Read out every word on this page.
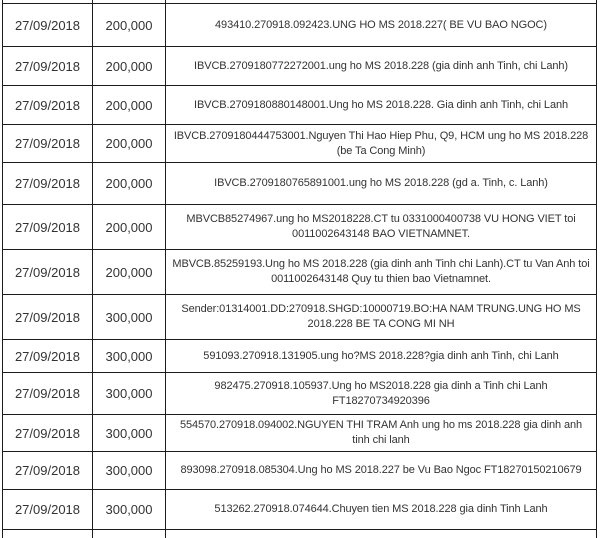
27/09/2018	200,000	493410.270918.092423.UNG HO MS 2018.227( BE VU BAO NGOC)
27/09/2018	200,000	IBVCB.2709180772272001.ung ho MS 2018.228 (gia dinh anh Tinh, chi Lanh)
27/09/2018	200,000	IBVCB.2709180880148001.Ung ho MS 2018.228. Gia dinh anh Tinh, chi Lanh
27/09/2018	200,000	IBVCB.2709180444753001.Nguyen Thi Hao Hiep Phu, Q9, HCM ung ho MS 2018.228 (be Ta Cong Minh)
27/09/2018	200,000	IBVCB.2709180765891001.ung ho MS 2018.228 (gd a. Tinh, c. Lanh)
27/09/2018	200,000	MBVCB85274967.ung ho MS2018228.CT tu 0331000400738 VU HONG VIET toi 0011002643148 BAO VIETNAMNET.
27/09/2018	200,000	MBVCB.85259193.Ung ho MS 2018.228 (gia dinh anh Tinh chi Lanh).CT tu Van Anh toi 0011002643148 Quy tu thien bao Vietnamnet.
27/09/2018	300,000	Sender:01314001.DD:270918.SHGD:10000719.BO:HA NAM TRUNG.UNG HO MS 2018.228 BE TA CONG MI NH
27/09/2018	300,000	591093.270918.131905.ung ho?MS 2018.228?gia dinh anh Tinh, chi Lanh
27/09/2018	300,000	982475.270918.105937.Ung ho MS2018.228 gia dinh a Tinh chi Lanh FT18270734920396
27/09/2018	300,000	554570.270918.094002.NGUYEN THI TRAM Anh ung ho ms 2018.228 gia dinh anh tinh chi lanh
27/09/2018	300,000	893098.270918.085304.Ung ho MS 2018.227 be Vu Bao Ngoc FT18270150210679
27/09/2018	300,000	513262.270918.074644.Chuyen tien MS 2018.228 gia dinh Tinh Lanh
